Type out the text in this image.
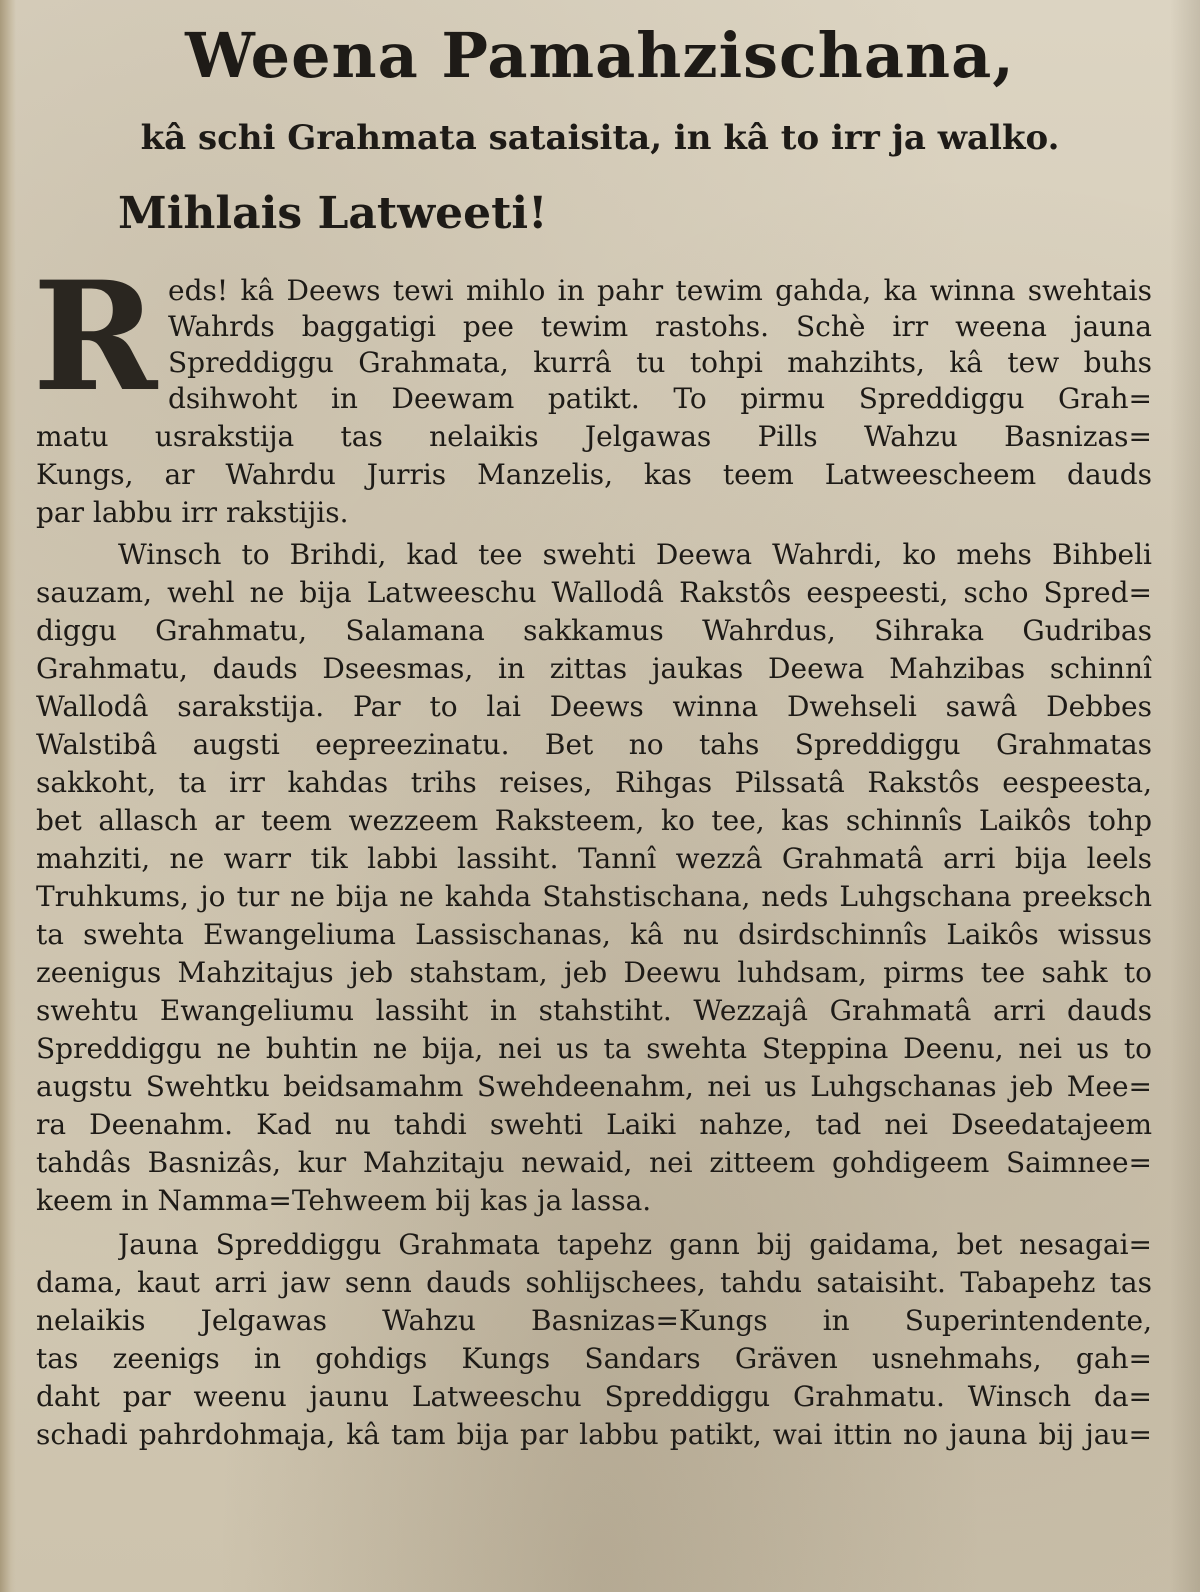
Weena Pamahzischana,
kâ schi Grahmata sataisita, in kâ to irr ja walko.
Mihlais Latweeti!
R eds! kâ Deews tewi mihlo in pahr tewim gahda, ka winna swehtais
Wahrds baggatigi pee tewim rastohs. Schè irr weena jauna
Spreddiggu Grahmata, kurrâ tu tohpi mahzihts, kâ tew buhs
dsihwoht in Deewam patikt. To pirmu Spreddiggu Grah=
matu usrakstija tas nelaikis Jelgawas Pills Wahzu Basnizas=
Kungs, ar Wahrdu Jurris Manzelis, kas teem Latweescheem dauds
par labbu irr rakstijis.
Winsch to Brihdi, kad tee swehti Deewa Wahrdi, ko mehs Bihbeli
sauzam, wehl ne bija Latweeschu Wallodâ Rakstôs eespeesti, scho Spred=
diggu Grahmatu, Salamana sakkamus Wahrdus, Sihraka Gudribas
Grahmatu, dauds Dseesmas, in zittas jaukas Deewa Mahzibas schinnî
Wallodâ sarakstija. Par to lai Deews winna Dwehseli sawâ Debbes
Walstibâ augsti eepreezinatu. Bet no tahs Spreddiggu Grahmatas
sakkoht, ta irr kahdas trihs reises, Rihgas Pilssatâ Rakstôs eespeesta,
bet allasch ar teem wezzeem Raksteem, ko tee, kas schinnîs Laikôs tohp
mahziti, ne warr tik labbi lassiht. Tannî wezzâ Grahmatâ arri bija leels
Truhkums, jo tur ne bija ne kahda Stahstischana, neds Luhgschana preeksch
ta swehta Ewangeliuma Lassischanas, kâ nu dsirdschinnîs Laikôs wissus
zeenigus Mahzitajus jeb stahstam, jeb Deewu luhdsam, pirms tee sahk to
swehtu Ewangeliumu lassiht in stahstiht. Wezzajâ Grahmatâ arri dauds
Spreddiggu ne buhtin ne bija, nei us ta swehta Steppina Deenu, nei us to
augstu Swehtku beidsamahm Swehdeenahm, nei us Luhgschanas jeb Mee=
ra Deenahm. Kad nu tahdi swehti Laiki nahze, tad nei Dseedatajeem
tahdâs Basnizâs, kur Mahzitaju newaid, nei zitteem gohdigeem Saimnee=
keem in Namma=Tehweem bij kas ja lassa.
Jauna Spreddiggu Grahmata tapehz gann bij gaidama, bet nesagai=
dama, kaut arri jaw senn dauds sohlijschees, tahdu sataisiht. Tabapehz tas
nelaikis Jelgawas Wahzu Basnizas=Kungs in Superintendente,
tas zeenigs in gohdigs Kungs Sandars Gräven usnehmahs, gah=
daht par weenu jaunu Latweeschu Spreddiggu Grahmatu. Winsch da=
schadi pahrdohmaja, kâ tam bija par labbu patikt, wai ittin no jauna bij jau=
